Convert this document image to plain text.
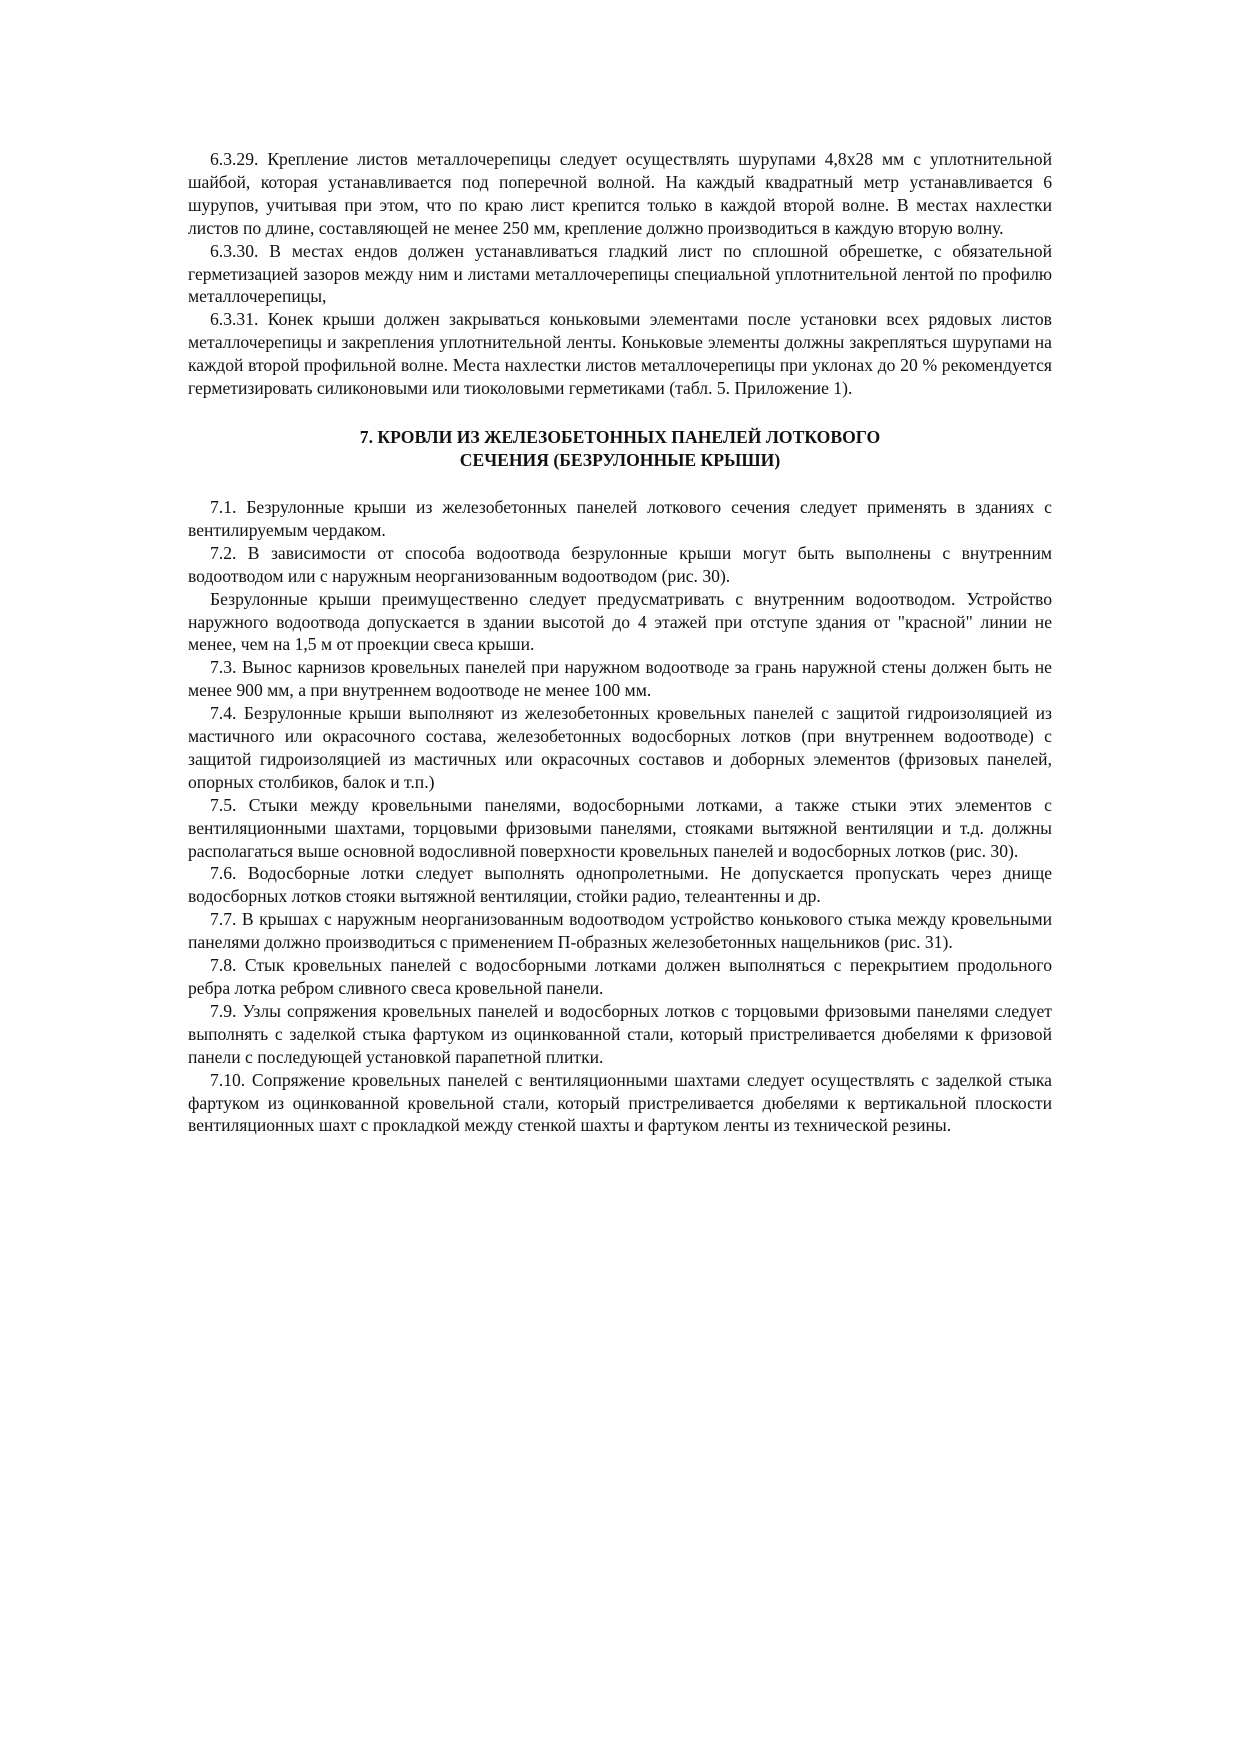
6.3.29. Крепление листов металлочерепицы следует осуществлять шурупами 4,8х28 мм с уплотнительной шайбой, которая устанавливается под поперечной волной. На каждый квадратный метр устанавливается 6 шурупов, учитывая при этом, что по краю лист крепится только в каждой второй волне. В местах нахлестки листов по длине, составляющей не менее 250 мм, крепление должно производиться в каждую вторую волну.

6.3.30. В местах ендов должен устанавливаться гладкий лист по сплошной обрешетке, с обязательной герметизацией зазоров между ним и листами металлочерепицы специальной уплотнительной лентой по профилю металлочерепицы,

6.3.31. Конек крыши должен закрываться коньковыми элементами после установки всех рядовых листов металлочерепицы и закрепления уплотнительной ленты. Коньковые элементы должны закрепляться шурупами на каждой второй профильной волне. Места нахлестки листов металлочерепицы при уклонах до 20 % рекомендуется герметизировать силиконовыми или тиоколовыми герметиками (табл. 5. Приложение 1).

7. КРОВЛИ ИЗ ЖЕЛЕЗОБЕТОННЫХ ПАНЕЛЕЙ ЛОТКОВОГО

СЕЧЕНИЯ (БЕЗРУЛОННЫЕ КРЫШИ)

7.1. Безрулонные крыши из железобетонных панелей лоткового сечения следует применять в зданиях с вентилируемым чердаком.

7.2. В зависимости от способа водоотвода безрулонные крыши могут быть выполнены с внутренним водоотводом или с наружным неорганизованным водоотводом (рис. 30).

Безрулонные крыши преимущественно следует предусматривать с внутренним водоотводом. Устройство наружного водоотвода допускается в здании высотой до 4 этажей при отступе здания от "красной" линии не менее, чем на 1,5 м от проекции свеса крыши.

7.3. Вынос карнизов кровельных панелей при наружном водоотводе за грань наружной стены должен быть не менее 900 мм, а при внутреннем водоотводе не менее 100 мм.

7.4. Безрулонные крыши выполняют из железобетонных кровельных панелей с защитой гидроизоляцией из мастичного или окрасочного состава, железобетонных водосборных лотков (при внутреннем водоотводе) с защитой гидроизоляцией из мастичных или окрасочных составов и доборных элементов (фризовых панелей, опорных столбиков, балок и т.п.)

7.5. Стыки между кровельными панелями, водосборными лотками, а также стыки этих элементов с вентиляционными шахтами, торцовыми фризовыми панелями, стояками вытяжной вентиляции и т.д. должны располагаться выше основной водосливной поверхности кровельных панелей и водосборных лотков (рис. 30).

7.6. Водосборные лотки следует выполнять однопролетными. Не допускается пропускать через днище водосборных лотков стояки вытяжной вентиляции, стойки радио, телеантенны и др.

7.7. В крышах с наружным неорганизованным водоотводом устройство конькового стыка между кровельными панелями должно производиться с применением П-образных железобетонных нащельников (рис. 31).

7.8. Стык кровельных панелей с водосборными лотками должен выполняться с перекрытием продольного ребра лотка ребром сливного свеса кровельной панели.

7.9. Узлы сопряжения кровельных панелей и водосборных лотков с торцовыми фризовыми панелями следует выполнять с заделкой стыка фартуком из оцинкованной стали, который пристреливается дюбелями к фризовой панели с последующей установкой парапетной плитки.

7.10. Сопряжение кровельных панелей с вентиляционными шахтами следует осуществлять с заделкой стыка фартуком из оцинкованной кровельной стали, который пристреливается дюбелями к вертикальной плоскости вентиляционных шахт с прокладкой между стенкой шахты и фартуком ленты из технической резины.
